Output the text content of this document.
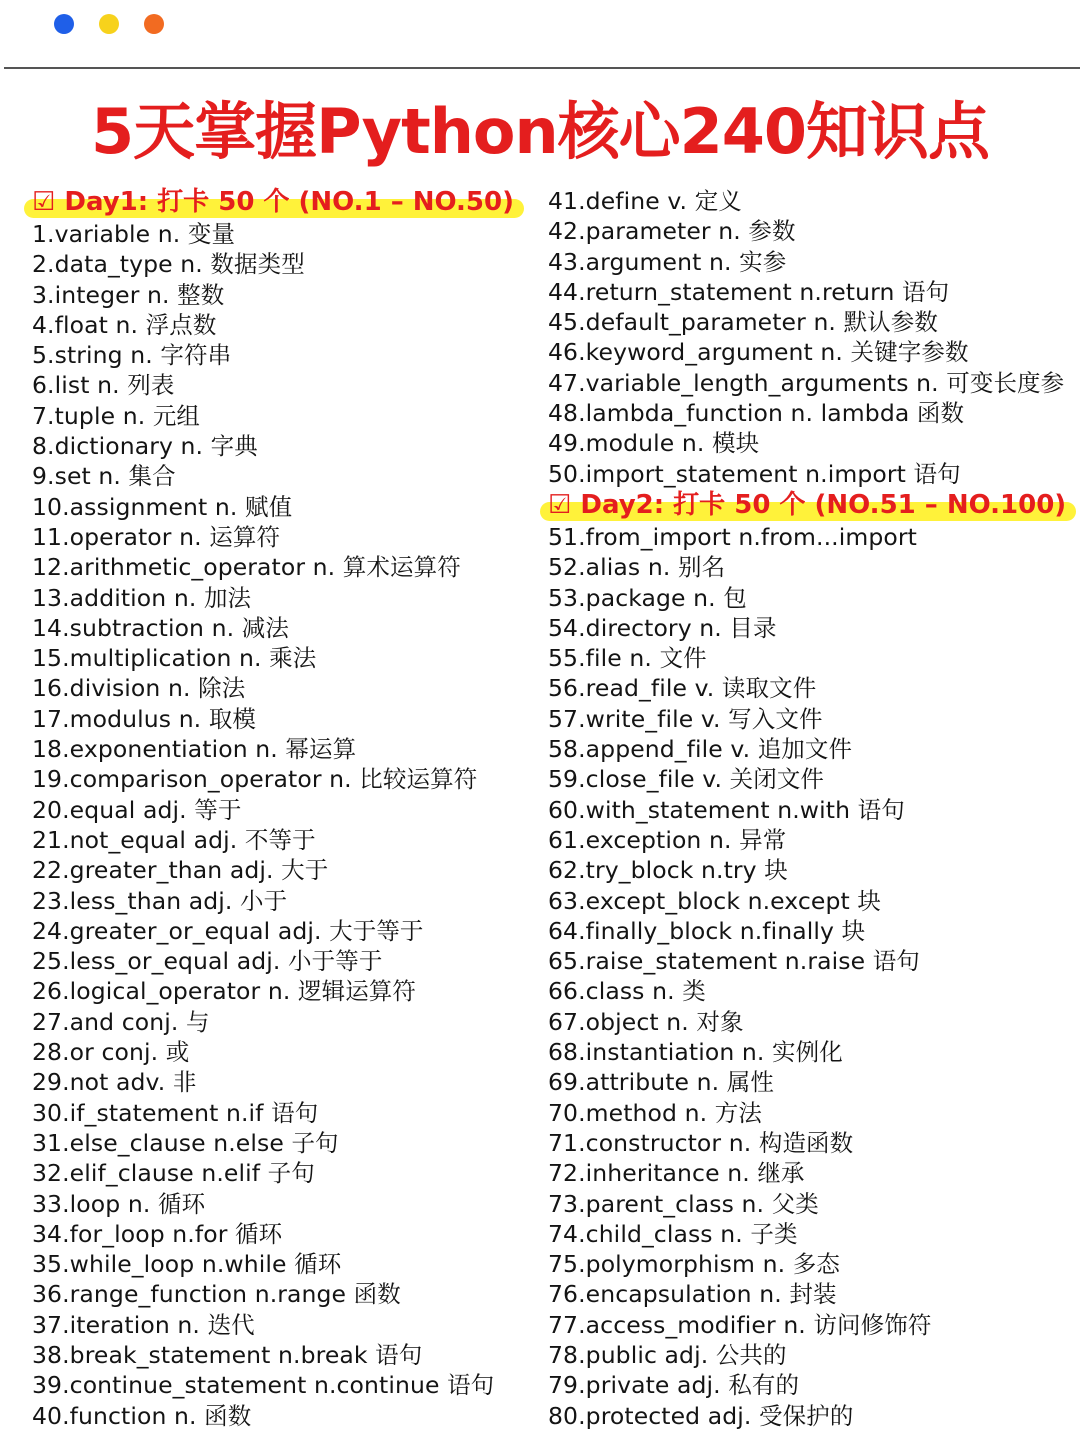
5天掌握Python核心240知识点
☑ Day1: 打卡 50 个 (NO.1 – NO.50)
1.variable n. 变量
2.data_type n. 数据类型
3.integer n. 整数
4.float n. 浮点数
5.string n. 字符串
6.list n. 列表
7.tuple n. 元组
8.dictionary n. 字典
9.set n. 集合
10.assignment n. 赋值
11.operator n. 运算符
12.arithmetic_operator n. 算术运算符
13.addition n. 加法
14.subtraction n. 减法
15.multiplication n. 乘法
16.division n. 除法
17.modulus n. 取模
18.exponentiation n. 幂运算
19.comparison_operator n. 比较运算符
20.equal adj. 等于
21.not_equal adj. 不等于
22.greater_than adj. 大于
23.less_than adj. 小于
24.greater_or_equal adj. 大于等于
25.less_or_equal adj. 小于等于
26.logical_operator n. 逻辑运算符
27.and conj. 与
28.or conj. 或
29.not adv. 非
30.if_statement n.if 语句
31.else_clause n.else 子句
32.elif_clause n.elif 子句
33.loop n. 循环
34.for_loop n.for 循环
35.while_loop n.while 循环
36.range_function n.range 函数
37.iteration n. 迭代
38.break_statement n.break 语句
39.continue_statement n.continue 语句
40.function n. 函数
41.define v. 定义
42.parameter n. 参数
43.argument n. 实参
44.return_statement n.return 语句
45.default_parameter n. 默认参数
46.keyword_argument n. 关键字参数
47.variable_length_arguments n. 可变长度参
48.lambda_function n. lambda 函数
49.module n. 模块
50.import_statement n.import 语句
☑ Day2: 打卡 50 个 (NO.51 – NO.100)
51.from_import n.from...import
52.alias n. 别名
53.package n. 包
54.directory n. 目录
55.file n. 文件
56.read_file v. 读取文件
57.write_file v. 写入文件
58.append_file v. 追加文件
59.close_file v. 关闭文件
60.with_statement n.with 语句
61.exception n. 异常
62.try_block n.try 块
63.except_block n.except 块
64.finally_block n.finally 块
65.raise_statement n.raise 语句
66.class n. 类
67.object n. 对象
68.instantiation n. 实例化
69.attribute n. 属性
70.method n. 方法
71.constructor n. 构造函数
72.inheritance n. 继承
73.parent_class n. 父类
74.child_class n. 子类
75.polymorphism n. 多态
76.encapsulation n. 封装
77.access_modifier n. 访问修饰符
78.public adj. 公共的
79.private adj. 私有的
80.protected adj. 受保护的
